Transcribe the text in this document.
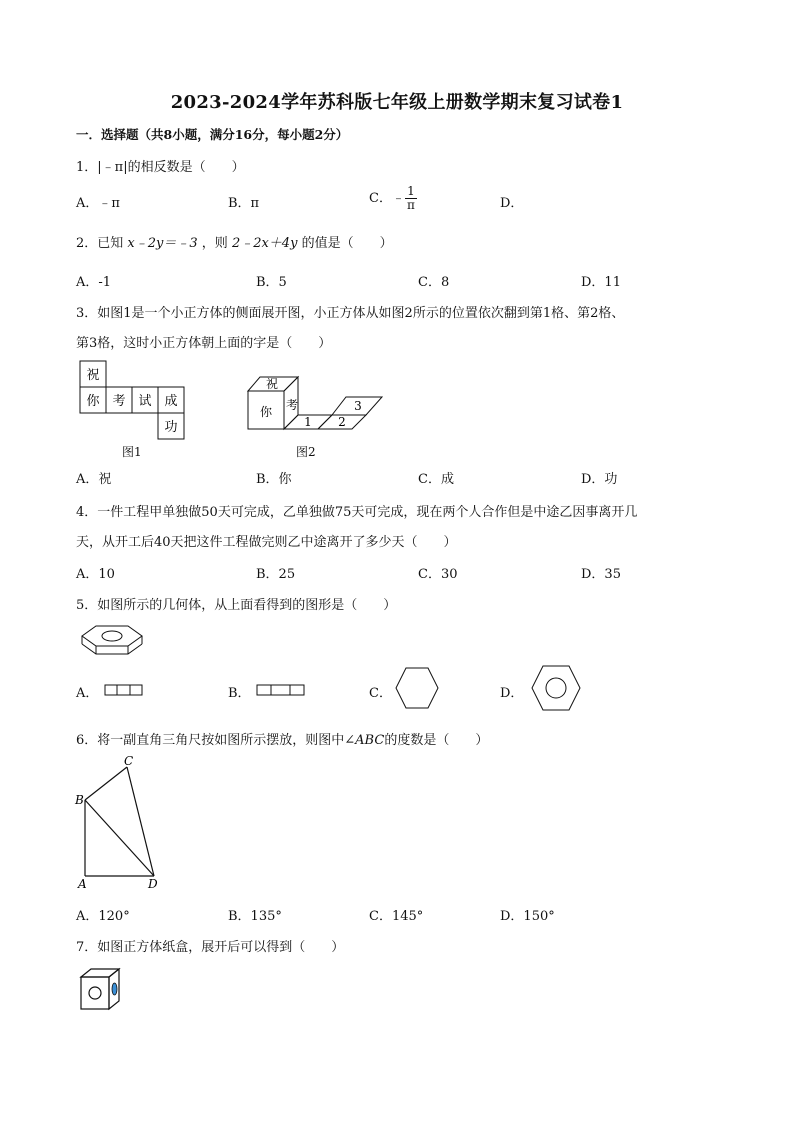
2023-2024学年苏科版七年级上册数学期末复习试卷1
一．选择题（共8小题，满分16分，每小题2分）
1．|﹣π|的相反数是（　　）
A．﹣π	B．π	C．﹣ $\frac{1}{\pi}$	D．
2．已知 x﹣2y＝﹣3 ，则 2﹣2x＋4y 的值是（　　）
A．-1	B．5	C．8	D．11
3．如图1是一个小正方体的侧面展开图，小正方体从如图2所示的位置依次翻到第1格、第2格、
第3格，这时小正方体朝上面的字是（　　）
祝
你 考 试 成
功
图1
祝
你 考
1 2
3
图2
A．祝	B．你	C．成	D．功
4．一件工程甲单独做50天可完成，乙单独做75天可完成，现在两个人合作但是中途乙因事离开几
天，从开工后40天把这件工程做完则乙中途离开了多少天（　　）
A．10	B．25	C．30	D．35
5．如图所示的几何体，从上面看得到的图形是（　　）
A．	B．	C．	D．
6．将一副直角三角尺按如图所示摆放，则图中∠ABC的度数是（　　）
C
B
A	D
A．120°	B．135°	C．145°	D．150°
7．如图正方体纸盒，展开后可以得到（　　）
